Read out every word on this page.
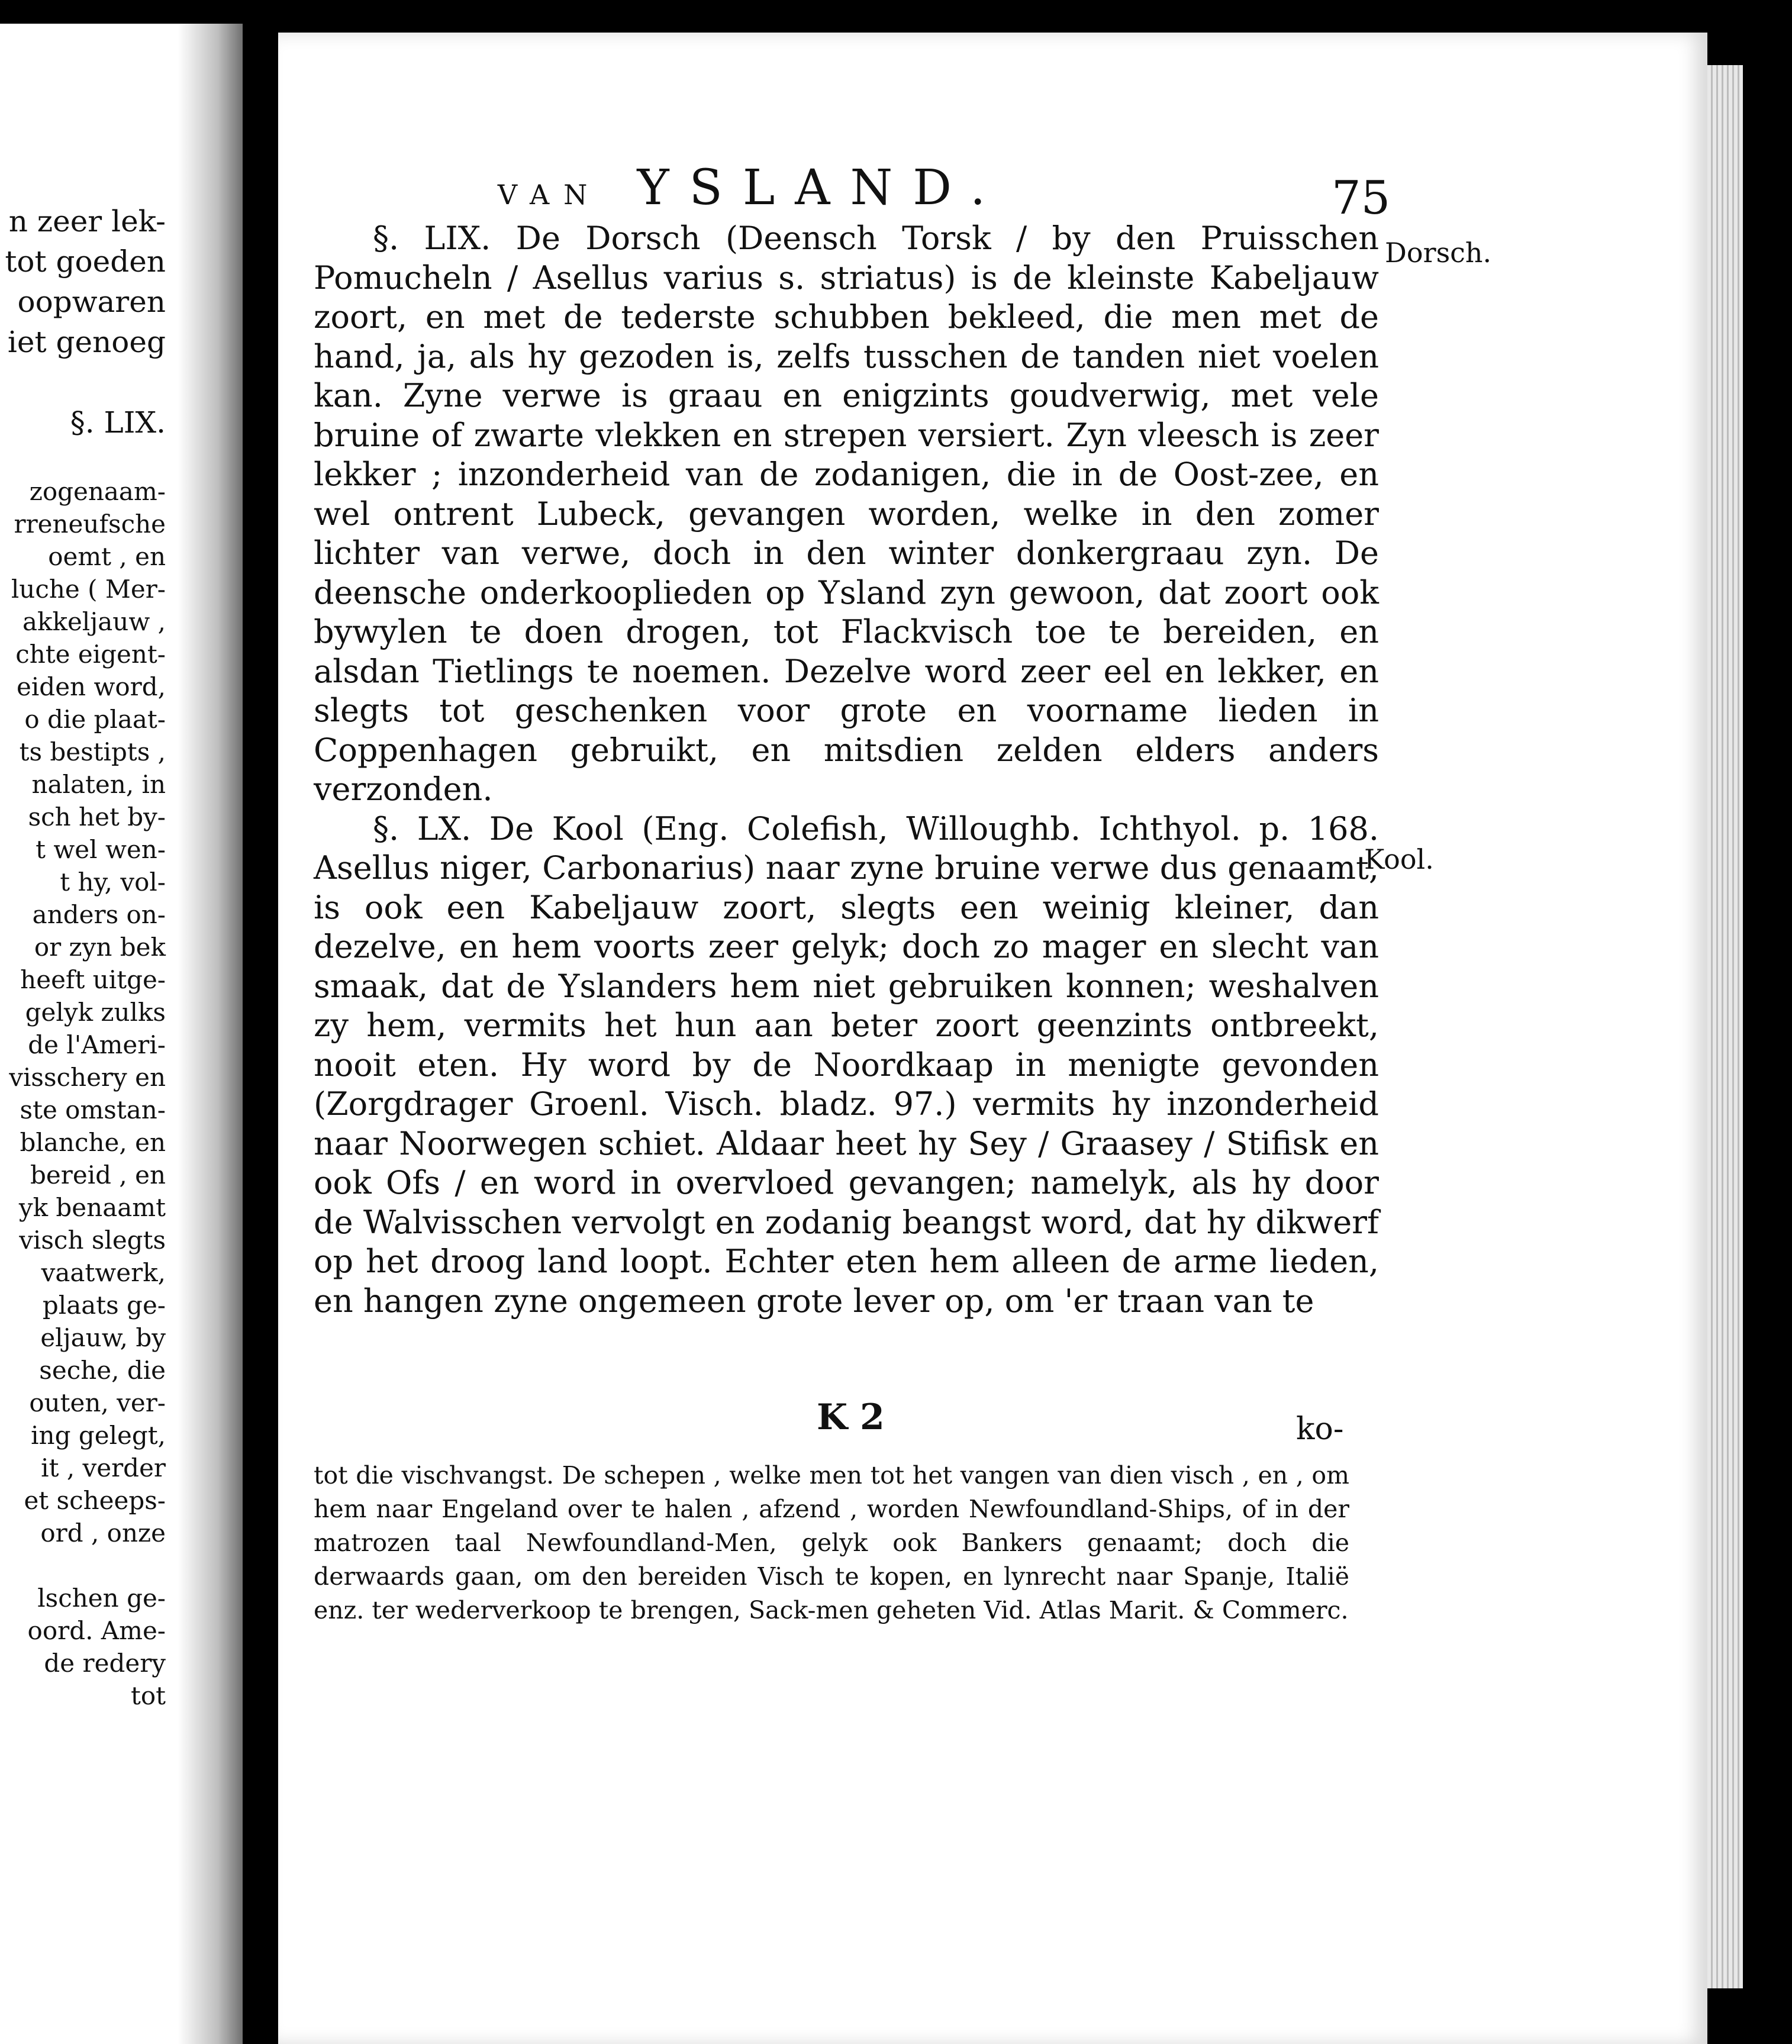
n zeer lek-
tot goeden
oopwaren
iet genoeg

§. LIX.

zogenaam-
rreneufsche
oemt , en
luche ( Mer-
akkeljauw ,
chte eigent-
eiden word,
o die plaat-
ts bestipts ,
nalaten, in
sch het by-
t wel wen-
t hy, vol-
anders on-
or zyn bek
heeft uitge-
gelyk zulks
de l'Ameri-
visschery en
ste omstan-
blanche, en
bereid , en
yk benaamt
visch slegts
vaatwerk,
plaats ge-
eljauw, by
seche, die
outen, ver-
ing gelegt,
it , verder
et scheeps-
ord , onze

lschen ge-
oord. Ame-
de redery
tot
VAN YSLAND.	75
Dorsch.
Kool.

§. LIX. De Dorsch (Deensch Torsk / by den Pruisschen Pomucheln / Asellus varius s. striatus) is de kleinste Kabeljauw zoort, en met de tederste schubben bekleed, die men met de hand, ja, als hy gezoden is, zelfs tusschen de tanden niet voelen kan. Zyne verwe is graau en enigzints goudverwig, met vele bruine of zwarte vlekken en strepen versiert. Zyn vleesch is zeer lekker ; inzonderheid van de zodanigen, die in de Oost-zee, en wel ontrent Lubeck, gevangen worden, welke in den zomer lichter van verwe, doch in den winter donkergraau zyn. De deensche onderkooplieden op Ysland zyn gewoon, dat zoort ook bywylen te doen drogen, tot Flackvisch toe te bereiden, en alsdan Tietlings te noemen. Dezelve word zeer eel en lekker, en slegts tot geschenken voor grote en voorname lieden in Coppenhagen gebruikt, en mitsdien zelden elders anders verzonden.

§. LX. De Kool (Eng. Colefish, Willoughb. Ichthyol. p. 168. Asellus niger, Carbonarius) naar zyne bruine verwe dus genaamt, is ook een Kabeljauw zoort, slegts een weinig kleiner, dan dezelve, en hem voorts zeer gelyk; doch zo mager en slecht van smaak, dat de Yslanders hem niet gebruiken konnen; weshalven zy hem, vermits het hun aan beter zoort geenzints ontbreekt, nooit eten. Hy word by de Noordkaap in menigte gevonden (Zorgdrager Groenl. Visch. bladz. 97.) vermits hy inzonderheid naar Noorwegen schiet. Aldaar heet hy Sey / Graasey / Stifisk en ook Ofs / en word in overvloed gevangen; namelyk, als hy door de Walvisschen vervolgt en zodanig beangst word, dat hy dikwerf op het droog land loopt. Echter eten hem alleen de arme lieden, en hangen zyne ongemeen grote lever op, om 'er traan van te

K 2	ko-

tot die vischvangst. De schepen , welke men tot het vangen van dien visch , en , om hem naar Engeland over te halen , afzend , worden Newfoundland-Ships, of in der matrozen taal Newfoundland-Men, gelyk ook Bankers genaamt; doch die derwaards gaan, om den bereiden Visch te kopen, en lynrecht naar Spanje, Italië enz. ter wederverkoop te brengen, Sack-men geheten Vid. Atlas Marit. & Commerc.
